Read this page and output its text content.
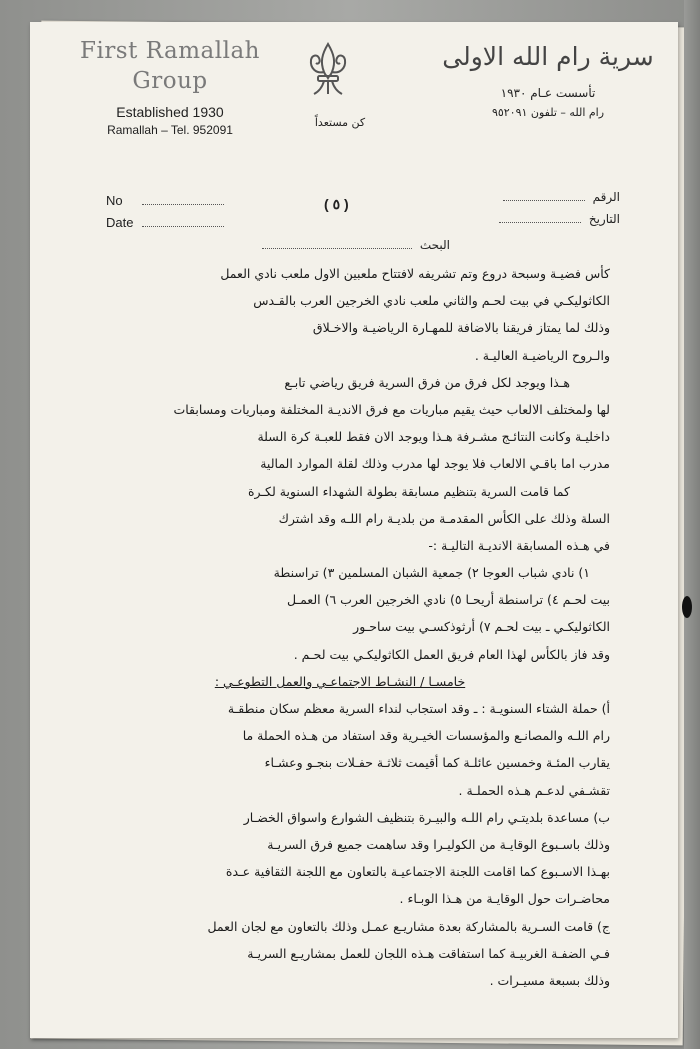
First Ramallah
Group
Established 1930
Ramallah – Tel. 952091
كن مستعداً
سرية رام الله الاولى
تأسست عـام ١٩٣٠
رام الله – تلفون ٩٥٢٠٩١
No
Date
( ٥ )	الرقم
التاريخ
البحث
كأس فضيـة وسبحة دروع وتم تشريفه لافتتاح ملعبين الاول ملعب نادي العمل
الكاثوليكـي في بيت لحـم والثاني ملعب نادي الخرجين العرب بالقـدس
وذلك لما يمتاز فريقنا بالاضافة للمهـارة الرياضيـة والاخـلاق
والـروح الرياضيـة العاليـة .
هـذا ويوجد لكل فرق من فرق السرية فريق رياضي تابـع
لها ولمختلف الالعاب حيث يقيم مباريات مع فرق الانديـة المختلفة ومباريات ومسابقات
داخليـة وكانت النتائـج مشـرفة هـذا ويوجد الان فقط للعبـة كرة السلة
مدرب اما باقـي الالعاب فلا يوجد لها مدرب وذلك لقلة الموارد المالية
كما قامت السرية بتنظيم مسابقة بطولة الشهداء السنوية لكـرة
السلة وذلك على الكأس المقدمـة من بلديـة رام اللـه وقد اشترك
في هـذه المسابقة الانديـة التاليـة :-
١) نادي شباب العوجا ٢) جمعية الشبان المسلمين ٣) تراسنطة
بيت لحـم ٤) تراسنطة أريحـا ٥) نادي الخرجين العرب ٦) العمـل
الكاثوليكـي ـ بيت لحـم ٧) أرثوذكسـي بيت ساحـور
وقد فاز بالكأس لهذا العام فريق العمل الكاثوليكـي بيت لحـم .
خامسـا / النشـاط الاجتماعـي والعمل التطوعـي :
أ) حملة الشتاء السنويـة : ـ وقد استجاب لنداء السرية معظم سكان منطقـة
رام اللـه والمصانـع والمؤسسات الخيـرية وقد استفاد من هـذه الحملة ما
يقارب المئـة وخمسين عائلـة كما أقيمت ثلاثـة حفـلات بنجـو وعشـاء
تقشـفي لدعـم هـذه الحملـة .
ب) مساعدة بلديتـي رام اللـه والبيـرة بتنظيف الشوارع واسواق الخضـار
وذلك باسـبوع الوقايـة من الكوليـرا وقد ساهمت جميع فرق السريـة
بهـذا الاسـبوع كما اقامت اللجنة الاجتماعيـة بالتعاون مع اللجنة الثقافية عـدة
محاضـرات حول الوقايـة من هـذا الوبـاء .
ج) قامت السـرية بالمشاركة بعدة مشاريـع عمـل وذلك بالتعاون مع لجان العمل
فـي الضفـة الغربيـة كما استفاقت هـذه اللجان للعمل بمشاريـع السريـة
وذلك بسبعة مسيـرات .
